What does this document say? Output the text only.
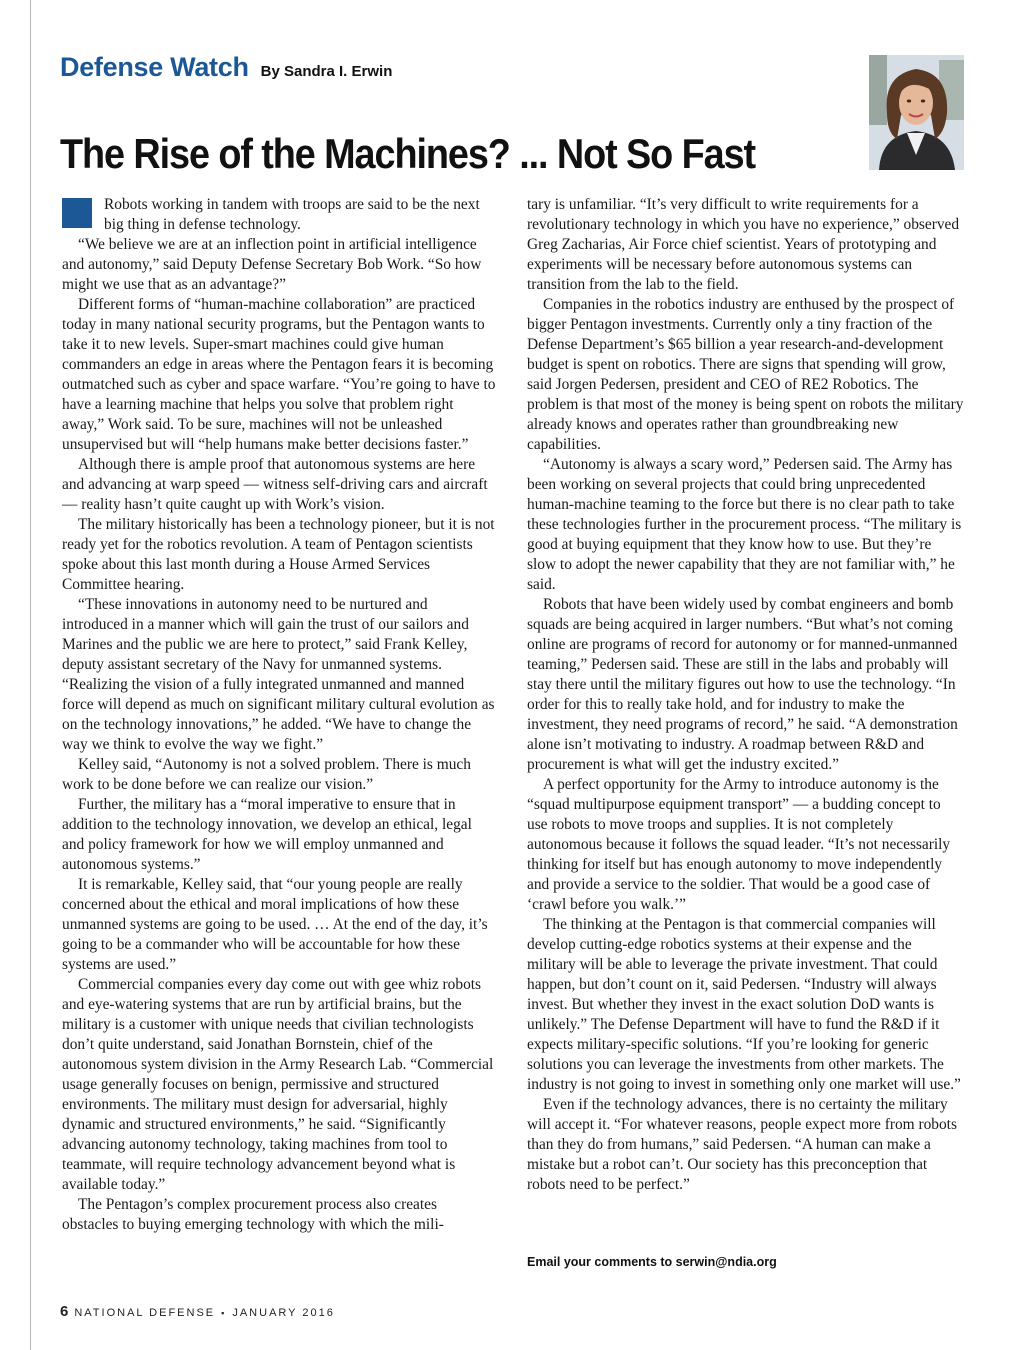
Defense Watch By Sandra I. Erwin
The Rise of the Machines? ... Not So Fast

Robots working in tandem with troops are said to be the next big thing in defense technology.

“We believe we are at an inflection point in artificial intelligence and autonomy,” said Deputy Defense Secretary Bob Work. “So how might we use that as an advantage?”

Different forms of “human-machine collaboration” are practiced today in many national security programs, but the Pentagon wants to take it to new levels. Super-smart machines could give human commanders an edge in areas where the Pentagon fears it is becoming outmatched such as cyber and space warfare. “You’re going to have to have a learning machine that helps you solve that problem right away,” Work said. To be sure, machines will not be unleashed unsupervised but will “help humans make better decisions faster.”

Although there is ample proof that autonomous systems are here and advancing at warp speed — witness self-driving cars and aircraft — reality hasn’t quite caught up with Work’s vision.

The military historically has been a technology pioneer, but it is not ready yet for the robotics revolution. A team of Pentagon scientists spoke about this last month during a House Armed Services Committee hearing.

“These innovations in autonomy need to be nurtured and introduced in a manner which will gain the trust of our sailors and Marines and the public we are here to protect,” said Frank Kelley, deputy assistant secretary of the Navy for unmanned systems. “Realizing the vision of a fully integrated unmanned and manned force will depend as much on significant military cultural evolution as on the technology innovations,” he added. “We have to change the way we think to evolve the way we fight.”

Kelley said, “Autonomy is not a solved problem. There is much work to be done before we can realize our vision.”

Further, the military has a “moral imperative to ensure that in addition to the technology innovation, we develop an ethical, legal and policy framework for how we will employ unmanned and autonomous systems.”

It is remarkable, Kelley said, that “our young people are really concerned about the ethical and moral implications of how these unmanned systems are going to be used. … At the end of the day, it’s going to be a commander who will be accountable for how these systems are used.”

Commercial companies every day come out with gee whiz robots and eye-watering systems that are run by artificial brains, but the military is a customer with unique needs that civilian technologists don’t quite understand, said Jonathan Bornstein, chief of the autonomous system division in the Army Research Lab. “Commercial usage generally focuses on benign, permissive and structured environments. The military must design for adversarial, highly dynamic and structured environments,” he said. “Significantly advancing autonomy technology, taking machines from tool to teammate, will require technology advancement beyond what is available today.”

The Pentagon’s complex procurement process also creates obstacles to buying emerging technology with which the mili-

tary is unfamiliar. “It’s very difficult to write requirements for a revolutionary technology in which you have no experience,” observed Greg Zacharias, Air Force chief scientist. Years of prototyping and experiments will be necessary before autonomous systems can transition from the lab to the field.

Companies in the robotics industry are enthused by the prospect of bigger Pentagon investments. Currently only a tiny fraction of the Defense Department’s $65 billion a year research-and-development budget is spent on robotics. There are signs that spending will grow, said Jorgen Pedersen, president and CEO of RE2 Robotics. The problem is that most of the money is being spent on robots the military already knows and operates rather than groundbreaking new capabilities.

“Autonomy is always a scary word,” Pedersen said. The Army has been working on several projects that could bring unprecedented human-machine teaming to the force but there is no clear path to take these technologies further in the procurement process. “The military is good at buying equipment that they know how to use. But they’re slow to adopt the newer capability that they are not familiar with,” he said.

Robots that have been widely used by combat engineers and bomb squads are being acquired in larger numbers. “But what’s not coming online are programs of record for autonomy or for manned-unmanned teaming,” Pedersen said. These are still in the labs and probably will stay there until the military figures out how to use the technology. “In order for this to really take hold, and for industry to make the investment, they need programs of record,” he said. “A demonstration alone isn’t motivating to industry. A roadmap between R&D and procurement is what will get the industry excited.”

A perfect opportunity for the Army to introduce autonomy is the “squad multipurpose equipment transport” — a budding concept to use robots to move troops and supplies. It is not completely autonomous because it follows the squad leader. “It’s not necessarily thinking for itself but has enough autonomy to move independently and provide a service to the soldier. That would be a good case of ‘crawl before you walk.’”

The thinking at the Pentagon is that commercial companies will develop cutting-edge robotics systems at their expense and the military will be able to leverage the private investment. That could happen, but don’t count on it, said Pedersen. “Industry will always invest. But whether they invest in the exact solution DoD wants is unlikely.” The Defense Department will have to fund the R&D if it expects military-specific solutions. “If you’re looking for generic solutions you can leverage the investments from other markets. The industry is not going to invest in something only one market will use.”

Even if the technology advances, there is no certainty the military will accept it. “For whatever reasons, people expect more from robots than they do from humans,” said Pedersen. “A human can make a mistake but a robot can’t. Our society has this preconception that robots need to be perfect.”

Email your comments to serwin@ndia.org
6 NATIONAL DEFENSE ▪ JANUARY 2016
